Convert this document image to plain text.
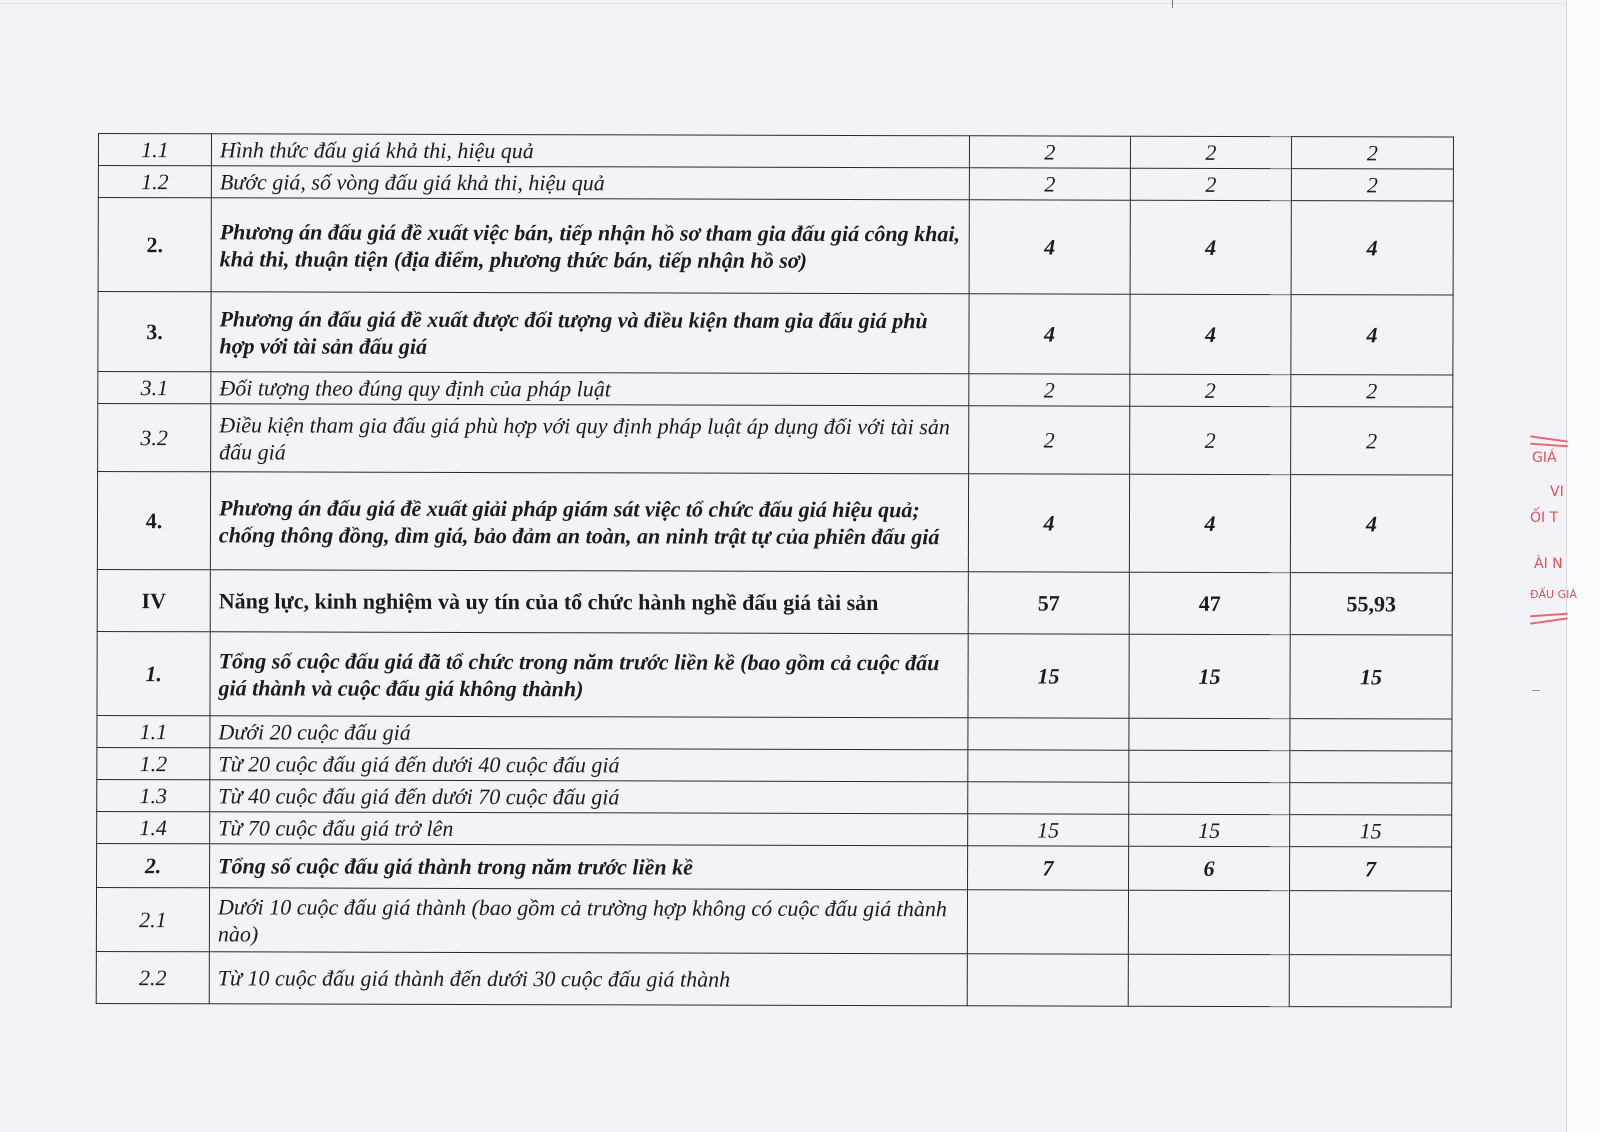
1.1	Hình thức đấu giá khả thi, hiệu quả	2	2	2
1.2	Bước giá, số vòng đấu giá khả thi, hiệu quả	2	2	2
2.	Phương án đấu giá đề xuất việc bán, tiếp nhận hồ sơ tham gia đấu giá công khai, khả thi, thuận tiện (địa điểm, phương thức bán, tiếp nhận hồ sơ)	4	4	4
3.	Phương án đấu giá đề xuất được đối tượng và điều kiện tham gia đấu giá phù hợp với tài sản đấu giá	4	4	4
3.1	Đối tượng theo đúng quy định của pháp luật	2	2	2
3.2	Điều kiện tham gia đấu giá phù hợp với quy định pháp luật áp dụng đối với tài sản đấu giá	2	2	2
4.	Phương án đấu giá đề xuất giải pháp giám sát việc tổ chức đấu giá hiệu quả; chống thông đồng, dìm giá, bảo đảm an toàn, an ninh trật tự của phiên đấu giá	4	4	4
IV	Năng lực, kinh nghiệm và uy tín của tổ chức hành nghề đấu giá tài sản	57	47	55,93
1.	Tổng số cuộc đấu giá đã tổ chức trong năm trước liền kề (bao gồm cả cuộc đấu giá thành và cuộc đấu giá không thành)	15	15	15
1.1	Dưới 20 cuộc đấu giá			
1.2	Từ 20 cuộc đấu giá đến dưới 40 cuộc đấu giá			
1.3	Từ 40 cuộc đấu giá đến dưới 70 cuộc đấu giá			
1.4	Từ 70 cuộc đấu giá trở lên	15	15	15
2.	Tổng số cuộc đấu giá thành trong năm trước liền kề	7	6	7
2.1	Dưới 10 cuộc đấu giá thành (bao gồm cả trường hợp không có cuộc đấu giá thành nào)			
2.2	Từ 10 cuộc đấu giá thành đến dưới 30 cuộc đấu giá thành			
GIÁ
VI
ỐI T
ÀI N
ĐẤU GIÁ
